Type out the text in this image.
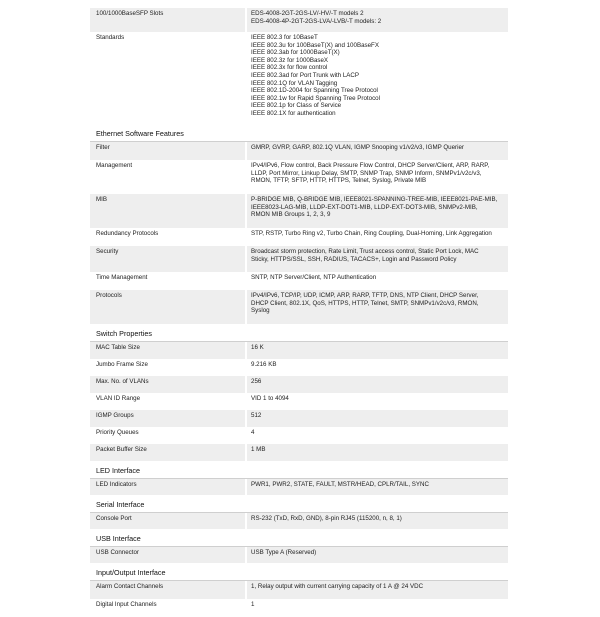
100/1000BaseSFP Slots	EDS-4008-2GT-2GS-LV/-HV/-T models 2
EDS-4008-4P-2GT-2GS-LVA/-LVB/-T models: 2
Standards	IEEE 802.3 for 10BaseT
IEEE 802.3u for 100BaseT(X) and 100BaseFX
IEEE 802.3ab for 1000BaseT(X)
IEEE 802.3z for 1000BaseX
IEEE 802.3x for flow control
IEEE 802.3ad for Port Trunk with LACP
IEEE 802.1Q for VLAN Tagging
IEEE 802.1D-2004 for Spanning Tree Protocol
IEEE 802.1w for Rapid Spanning Tree Protocol
IEEE 802.1p for Class of Service
IEEE 802.1X for authentication
Ethernet Software Features
Filter	GMRP, GVRP, GARP, 802.1Q VLAN, IGMP Snooping v1/v2/v3, IGMP Querier
Management	IPv4/IPv6, Flow control, Back Pressure Flow Control, DHCP Server/Client, ARP, RARP,
LLDP, Port Mirror, Linkup Delay, SMTP, SNMP Trap, SNMP Inform, SNMPv1/v2c/v3,
RMON, TFTP, SFTP, HTTP, HTTPS, Telnet, Syslog, Private MIB
MIB	P-BRIDGE MIB, Q-BRIDGE MIB, IEEE8021-SPANNING-TREE-MIB, IEEE8021-PAE-MIB,
IEEE8023-LAG-MIB, LLDP-EXT-DOT1-MIB, LLDP-EXT-DOT3-MIB, SNMPv2-MIB,
RMON MIB Groups 1, 2, 3, 9
Redundancy Protocols	STP, RSTP, Turbo Ring v2, Turbo Chain, Ring Coupling, Dual-Homing, Link Aggregation
Security	Broadcast storm protection, Rate Limit, Trust access control, Static Port Lock, MAC
Sticky, HTTPS/SSL, SSH, RADIUS, TACACS+, Login and Password Policy
Time Management	SNTP, NTP Server/Client, NTP Authentication
Protocols	IPv4/IPv6, TCP/IP, UDP, ICMP, ARP, RARP, TFTP, DNS, NTP Client, DHCP Server,
DHCP Client, 802.1X, QoS, HTTPS, HTTP, Telnet, SMTP, SNMPv1/v2c/v3, RMON,
Syslog
Switch Properties
MAC Table Size	16 K
Jumbo Frame Size	9.216 KB
Max. No. of VLANs	256
VLAN ID Range	VID 1 to 4094
IGMP Groups	512
Priority Queues	4
Packet Buffer Size	1 MB
LED Interface
LED Indicators	PWR1, PWR2, STATE, FAULT, MSTR/HEAD, CPLR/TAIL, SYNC
Serial Interface
Console Port	RS-232 (TxD, RxD, GND), 8-pin RJ45 (115200, n, 8, 1)
USB Interface
USB Connector	USB Type A (Reserved)
Input/Output Interface
Alarm Contact Channels	1, Relay output with current carrying capacity of 1 A @ 24 VDC
Digital Input Channels	1
